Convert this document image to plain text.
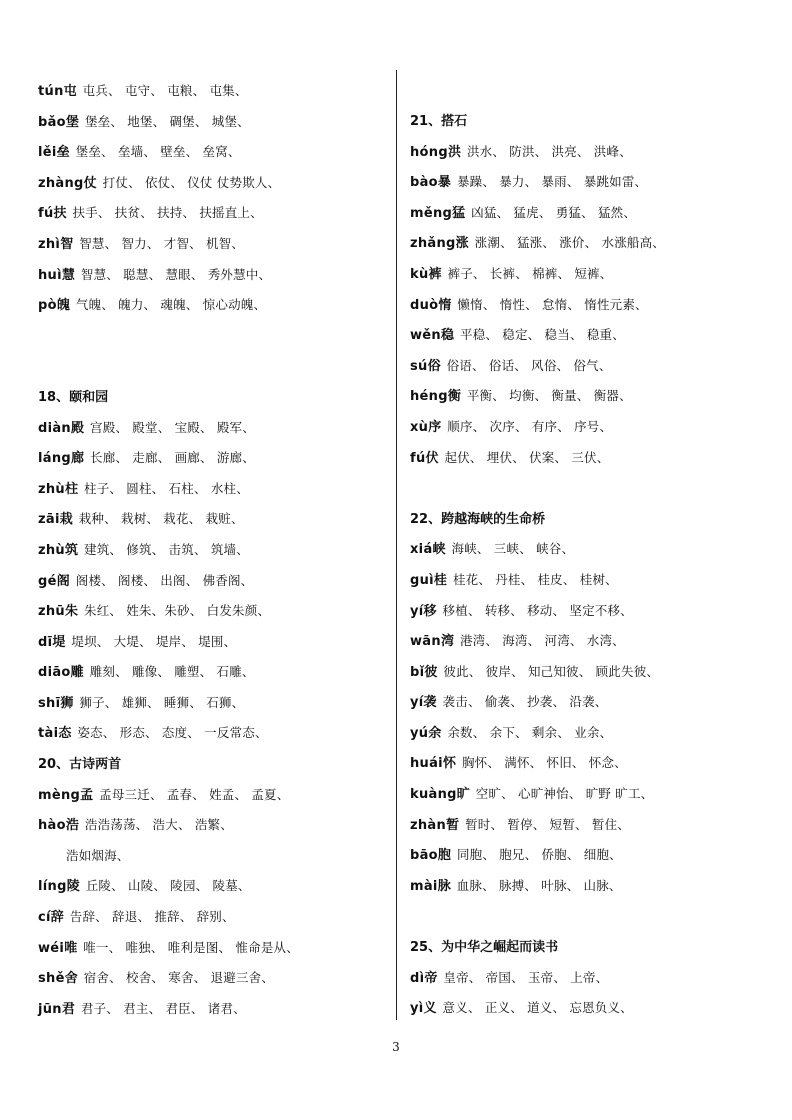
tún屯 屯兵、 屯守、 屯粮、 屯集、
bǎo堡 堡垒、 地堡、 碉堡、 城堡、
lěi垒 堡垒、 垒墙、 壁垒、 垒窝、
zhàng仗 打仗、 依仗、 仪仗 仗势欺人、
fú扶 扶手、 扶贫、 扶持、 扶摇直上、
zhì智 智慧、 智力、 才智、 机智、
huì慧 智慧、 聪慧、 慧眼、 秀外慧中、
pò魄 气魄、 魄力、 魂魄、 惊心动魄、
18、颐和园
diàn殿 宫殿、 殿堂、 宝殿、 殿军、
láng廊 长廊、 走廊、 画廊、 游廊、
zhù柱 柱子、 圆柱、 石柱、 水柱、
zāi栽 栽种、 栽树、 栽花、 栽赃、
zhù筑 建筑、 修筑、 击筑、 筑墙、
gé阁 阁楼、 阁楼、 出阁、 佛香阁、
zhū朱 朱红、 姓朱、朱砂、 白发朱颜、
dī堤 堤坝、 大堤、 堤岸、 堤围、
diāo雕 雕刻、 雕像、 雕塑、 石雕、
shī狮 狮子、 雄狮、 睡狮、 石狮、
tài态 姿态、 形态、 态度、 一反常态、
20、古诗两首
mèng孟 孟母三迁、 孟春、 姓孟、 孟夏、
hào浩 浩浩荡荡、 浩大、 浩繁、
浩如烟海、
líng陵 丘陵、 山陵、 陵园、 陵墓、
cí辞 告辞、 辞退、 推辞、 辞别、
wéi唯 唯一、 唯独、 唯利是图、 惟命是从、
shě舍 宿舍、 校舍、 寒舍、 退避三舍、
jūn君 君子、 君主、 君臣、 诸君、
21、搭石
hóng洪 洪水、 防洪、 洪亮、 洪峰、
bào暴 暴躁、 暴力、 暴雨、 暴跳如雷、
měng猛 凶猛、 猛虎、 勇猛、 猛然、
zhǎng涨 涨潮、 猛涨、 涨价、 水涨船高、
kù裤 裤子、 长裤、 棉裤、 短裤、
duò惰 懒惰、 惰性、 怠惰、 惰性元素、
wěn稳 平稳、 稳定、 稳当、 稳重、
sú俗 俗语、 俗话、 风俗、 俗气、
héng衡 平衡、 均衡、 衡量、 衡器、
xù序 顺序、 次序、 有序、 序号、
fú伏 起伏、 埋伏、 伏案、 三伏、
22、跨越海峡的生命桥
xiá峡 海峡、 三峡、 峡谷、
guì桂 桂花、 丹桂、 桂皮、 桂树、
yí移 移植、 转移、 移动、 坚定不移、
wān湾 港湾、 海湾、 河湾、 水湾、
bǐ彼 彼此、 彼岸、 知己知彼、 顾此失彼、
yí袭 袭击、 偷袭、 抄袭、 沿袭、
yú余 余数、 余下、 剩余、 业余、
huái怀 胸怀、 满怀、 怀旧、 怀念、
kuàng旷 空旷、 心旷神怡、 旷野 旷工、
zhàn暂 暂时、 暂停、 短暂、 暂住、
bāo胞 同胞、 胞兄、 侨胞、 细胞、
mài脉 血脉、 脉搏、 叶脉、 山脉、
25、为中华之崛起而读书
dì帝 皇帝、 帝国、 玉帝、 上帝、
yì义 意义、 正义、 道义、 忘恩负义、
3
